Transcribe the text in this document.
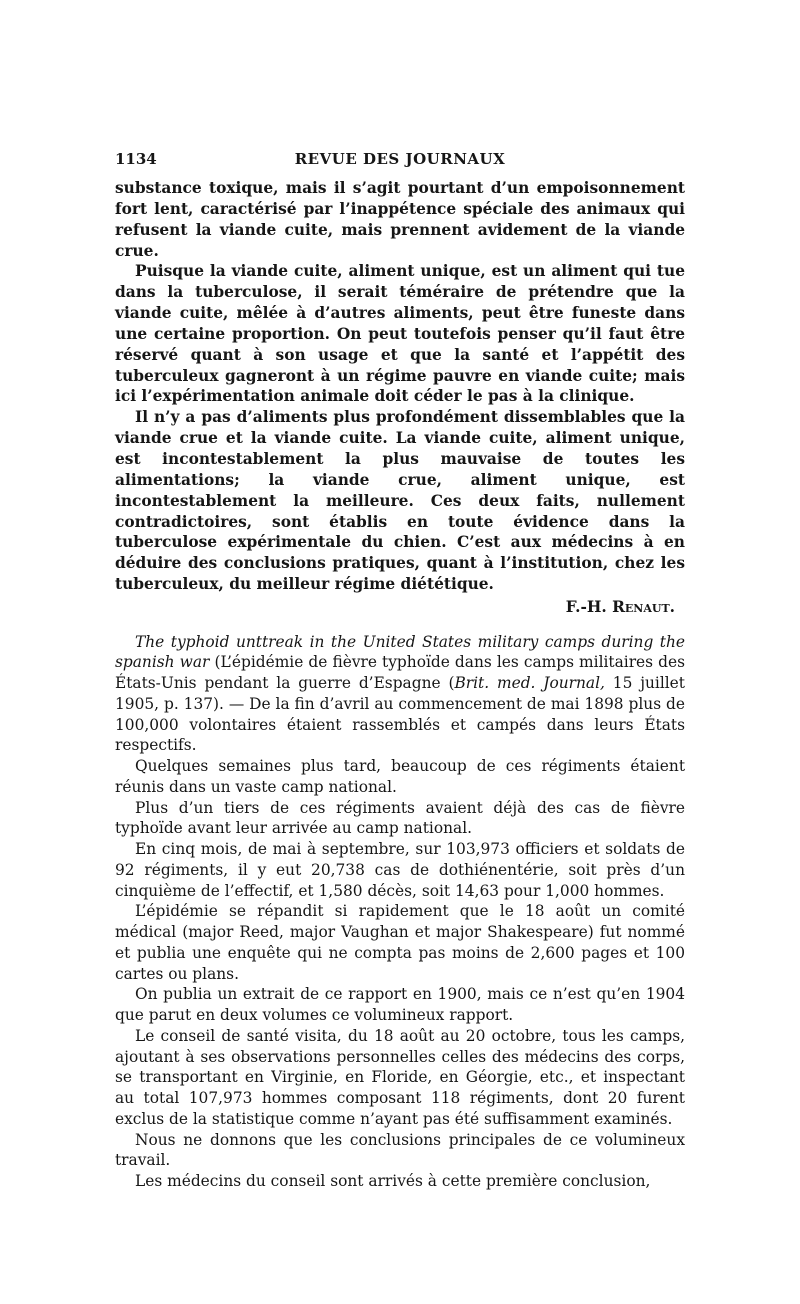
1134	REVUE DES JOURNAUX

substance toxique, mais il s’agit pourtant d’un empoisonnement fort lent, caractérisé par l’inappétence spéciale des animaux qui refusent la viande cuite, mais prennent avidement de la viande crue.

Puisque la viande cuite, aliment unique, est un aliment qui tue dans la tuberculose, il serait téméraire de prétendre que la viande cuite, mêlée à d’autres aliments, peut être funeste dans une certaine proportion. On peut toutefois penser qu’il faut être réservé quant à son usage et que la santé et l’appétit des tuberculeux gagneront à un régime pauvre en viande cuite; mais ici l’expérimentation animale doit céder le pas à la clinique.

Il n’y a pas d’aliments plus profondément dissemblables que la viande crue et la viande cuite. La viande cuite, aliment unique, est incontestablement la plus mauvaise de toutes les alimentations; la viande crue, aliment unique, est incontestablement la meilleure. Ces deux faits, nullement contradictoires, sont établis en toute évidence dans la tuberculose expérimentale du chien. C’est aux médecins à en déduire des conclusions pratiques, quant à l’institution, chez les tuberculeux, du meilleur régime diététique.

F.-H. Renaut.

The typhoid unttreak in the United States military camps during the spanish war (L’épidémie de fièvre typhoïde dans les camps militaires des États-Unis pendant la guerre d’Espagne (Brit. med. Journal, 15 juillet 1905, p. 137). — De la fin d’avril au commencement de mai 1898 plus de 100,000 volontaires étaient rassemblés et campés dans leurs États respectifs.

Quelques semaines plus tard, beaucoup de ces régiments étaient réunis dans un vaste camp national.

Plus d’un tiers de ces régiments avaient déjà des cas de fièvre typhoïde avant leur arrivée au camp national.

En cinq mois, de mai à septembre, sur 103,973 officiers et soldats de 92 régiments, il y eut 20,738 cas de dothiénentérie, soit près d’un cinquième de l’effectif, et 1,580 décès, soit 14,63 pour 1,000 hommes.

L’épidémie se répandit si rapidement que le 18 août un comité médical (major Reed, major Vaughan et major Shakespeare) fut nommé et publia une enquête qui ne compta pas moins de 2,600 pages et 100 cartes ou plans.

On publia un extrait de ce rapport en 1900, mais ce n’est qu’en 1904 que parut en deux volumes ce volumineux rapport.

Le conseil de santé visita, du 18 août au 20 octobre, tous les camps, ajoutant à ses observations personnelles celles des médecins des corps, se transportant en Virginie, en Floride, en Géorgie, etc., et inspectant au total 107,973 hommes composant 118 régiments, dont 20 furent exclus de la statistique comme n’ayant pas été suffisamment examinés.

Nous ne donnons que les conclusions principales de ce volumineux travail.

Les médecins du conseil sont arrivés à cette première conclusion,
